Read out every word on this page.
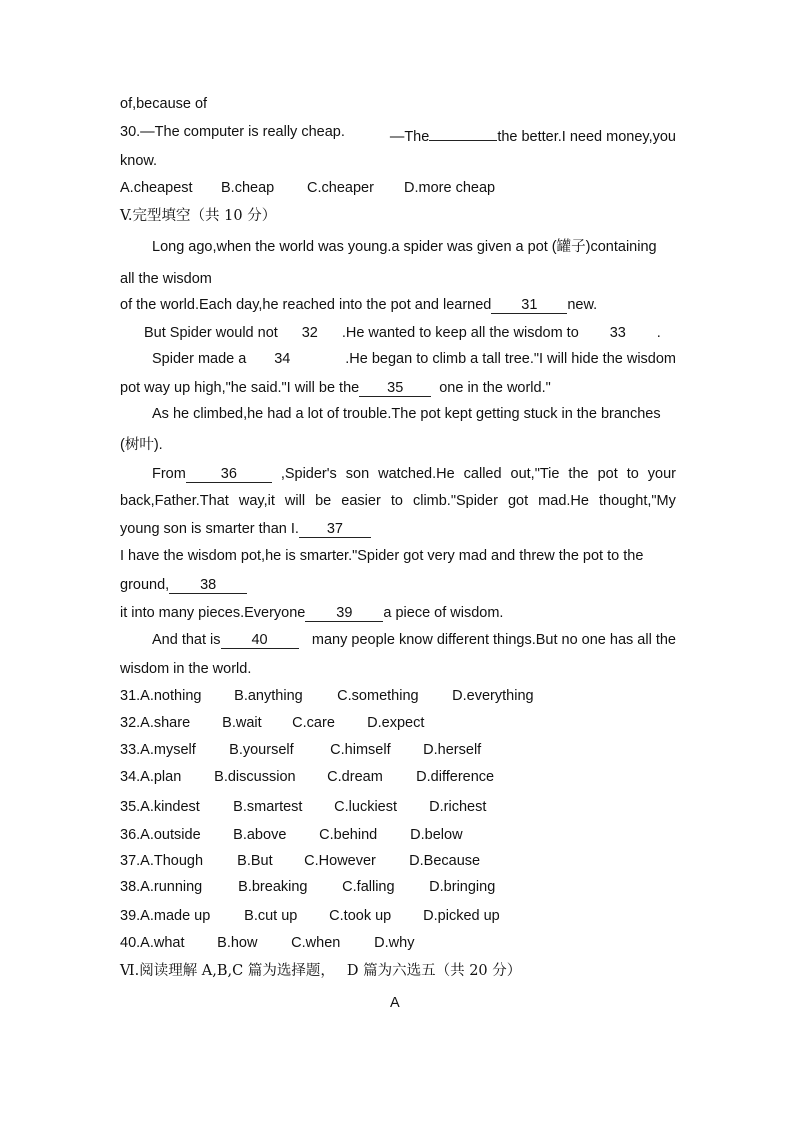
of,because of
30.—The computer is really cheap.	—The	the better.I need money,you
know.
A.cheapest B.cheap C.cheaper D.more cheap
V.完型填空（共 10 分）
Long ago,when the world was young.a spider was given a pot (罐子)containing
all the wisdom
of the world.Each day,he reached into the pot and learned 31 new.
But Spider would not 32 .He wanted to keep all the wisdom to 33 .
Spider made a 34	.He began to climb a tall tree."I will hide the wisdom
pot way up high,"he said."I will be the 35 one in the world."
As he climbed,he had a lot of trouble.The pot kept getting stuck in the branches
(树叶).
From 36	,Spider's son watched.He called out,"Tie the pot to your
back,Father.That way,it will be easier to climb."Spider got mad.He thought,"My
young son is smarter than I. 37
I have the wisdom pot,he is smarter."Spider got very mad and threw the pot to the
ground, 38
it into many pieces.Everyone 39 a piece of wisdom.
And that is 40	many people know different things.But no one has all the
wisdom in the world.
31.A.nothing B.anything C.something D.everything
32.A.share B.wait C.care D.expect
33.A.myself B.yourself	C.himself D.herself
34.A.plan B.discussion C.dream D.difference
35.A.kindest B.smartest C.luckiest D.richest
36.A.outside B.above C.behind D.below
37.A.Though B.But C.However D.Because
38.A.running B.breaking C.falling D.bringing
39.A.made up B.cut up C.took up D.picked up
40.A.what B.how C.when D.why
Ⅵ.阅读理解 A,B,C 篇为选择题， D 篇为六选五（共 20 分）
A
